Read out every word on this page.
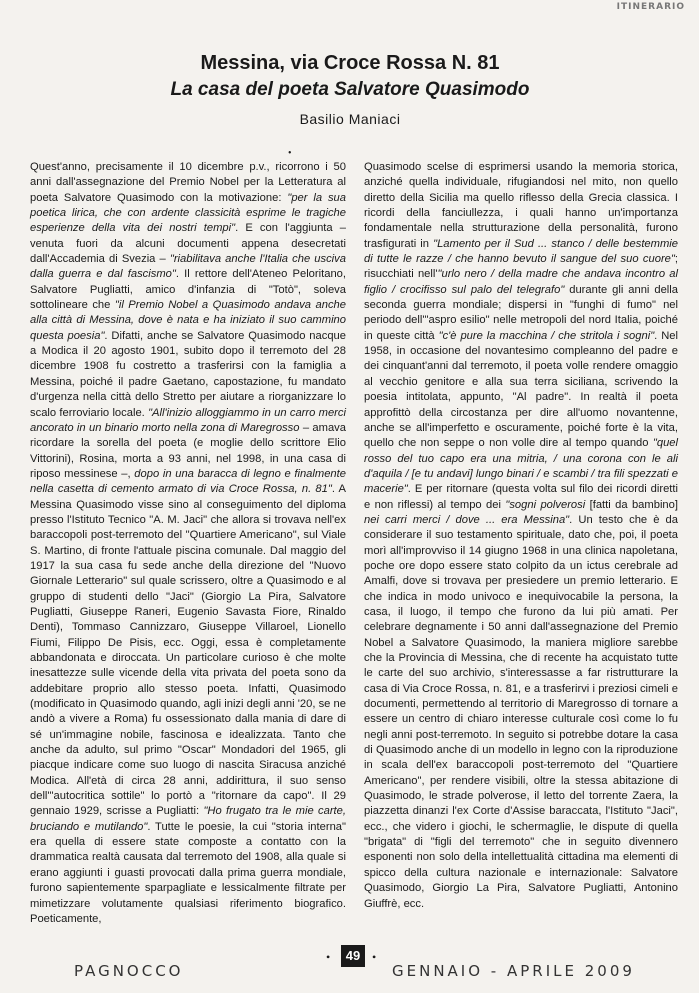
ITINERARIO
Messina, via Croce Rossa N. 81
La casa del poeta Salvatore Quasimodo
Basilio Maniaci
•

Quest'anno, precisamente il 10 dicembre p.v., ricorrono i 50 anni dall'assegnazione del Premio Nobel per la Letteratura al poeta Salvatore Quasimodo con la motivazione: "per la sua poetica lirica, che con ardente classicità esprime le tragiche esperienze della vita dei nostri tempi". E con l'aggiunta – venuta fuori da alcuni documenti appena desecretati dall'Accademia di Svezia – "riabilitava anche l'Italia che usciva dalla guerra e dal fascismo". Il rettore dell'Ateneo Peloritano, Salvatore Pugliatti, amico d'infanzia di "Totò", soleva sottolineare che "il Premio Nobel a Quasimodo andava anche alla città di Messina, dove è nata e ha iniziato il suo cammino questa poesia". Difatti, anche se Salvatore Quasimodo nacque a Modica il 20 agosto 1901, subito dopo il terremoto del 28 dicembre 1908 fu costretto a trasferirsi con la famiglia a Messina, poiché il padre Gaetano, capostazione, fu mandato d'urgenza nella città dello Stretto per aiutare a riorganizzare lo scalo ferroviario locale. "All'inizio alloggiammo in un carro merci ancorato in un binario morto nella zona di Maregrosso – amava ricordare la sorella del poeta (e moglie dello scrittore Elio Vittorini), Rosina, morta a 93 anni, nel 1998, in una casa di riposo messinese –, dopo in una baracca di legno e finalmente nella casetta di cemento armato di via Croce Rossa, n. 81". A Messina Quasimodo visse sino al conseguimento del diploma presso l'Istituto Tecnico "A. M. Jaci" che allora si trovava nell'ex baraccopoli post-terremoto del "Quartiere Americano", sul Viale S. Martino, di fronte l'attuale piscina comunale. Dal maggio del 1917 la sua casa fu sede anche della direzione del "Nuovo Giornale Letterario" sul quale scrissero, oltre a Quasimodo e al gruppo di studenti dello "Jaci" (Giorgio La Pira, Salvatore Pugliatti, Giuseppe Raneri, Eugenio Savasta Fiore, Rinaldo Denti), Tommaso Cannizzaro, Giuseppe Villaroel, Lionello Fiumi, Filippo De Pisis, ecc. Oggi, essa è completamente abbandonata e diroccata. Un particolare curioso è che molte inesattezze sulle vicende della vita privata del poeta sono da addebitare proprio allo stesso poeta. Infatti, Quasimodo (modificato in Quasimodo quando, agli inizi degli anni '20, se ne andò a vivere a Roma) fu ossessionato dalla mania di dare di sé un'immagine nobile, fascinosa e idealizzata. Tanto che anche da adulto, sul primo "Oscar" Mondadori del 1965, gli piacque indicare come suo luogo di nascita Siracusa anziché Modica. All'età di circa 28 anni, addirittura, il suo senso dell'"autocritica sottile" lo portò a "ritornare da capo". Il 29 gennaio 1929, scrisse a Pugliatti: "Ho frugato tra le mie carte, bruciando e mutilando". Tutte le poesie, la cui "storia interna" era quella di essere state composte a contatto con la drammatica realtà causata dal terremoto del 1908, alla quale si erano aggiunti i guasti provocati dalla prima guerra mondiale, furono sapientemente sparpagliate e lessicalmente filtrate per mimetizzare volutamente qualsiasi riferimento biografico. Poeticamente,

Quasimodo scelse di esprimersi usando la memoria storica, anziché quella individuale, rifugiandosi nel mito, non quello diretto della Sicilia ma quello riflesso della Grecia classica. I ricordi della fanciullezza, i quali hanno un'importanza fondamentale nella strutturazione della personalità, furono trasfigurati in "Lamento per il Sud ... stanco / delle bestemmie di tutte le razze / che hanno bevuto il sangue del suo cuore"; risucchiati nell'"urlo nero / della madre che andava incontro al figlio / crocifisso sul palo del telegrafo" durante gli anni della seconda guerra mondiale; dispersi in "funghi di fumo" nel periodo dell'"aspro esilio" nelle metropoli del nord Italia, poiché in queste città "c'è pure la macchina / che stritola i sogni". Nel 1958, in occasione del novantesimo compleanno del padre e dei cinquant'anni dal terremoto, il poeta volle rendere omaggio al vecchio genitore e alla sua terra siciliana, scrivendo la poesia intitolata, appunto, "Al padre". In realtà il poeta approfittò della circostanza per dire all'uomo novantenne, anche se all'imperfetto e oscuramente, poiché forte è la vita, quello che non seppe o non volle dire al tempo quando "quel rosso del tuo capo era una mitria, / una corona con le ali d'aquila / [e tu andavi] lungo binari / e scambi / tra fili spezzati e macerie". E per ritornare (questa volta sul filo dei ricordi diretti e non riflessi) al tempo dei "sogni polverosi [fatti da bambino] nei carri merci / dove ... era Messina". Un testo che è da considerare il suo testamento spirituale, dato che, poi, il poeta morì all'improvviso il 14 giugno 1968 in una clinica napoletana, poche ore dopo essere stato colpito da un ictus cerebrale ad Amalfi, dove si trovava per presiedere un premio letterario. E che indica in modo univoco e inequivocabile la persona, la casa, il luogo, il tempo che furono da lui più amati. Per celebrare degnamente i 50 anni dall'assegnazione del Premio Nobel a Salvatore Quasimodo, la maniera migliore sarebbe che la Provincia di Messina, che di recente ha acquistato tutte le carte del suo archivio, s'interessasse a far ristrutturare la casa di Via Croce Rossa, n. 81, e a trasferirvi i preziosi cimeli e documenti, permettendo al territorio di Maregrosso di tornare a essere un centro di chiaro interesse culturale così come lo fu negli anni post-terremoto. In seguito si potrebbe dotare la casa di Quasimodo anche di un modello in legno con la riproduzione in scala dell'ex baraccopoli post-terremoto del "Quartiere Americano", per rendere visibili, oltre la stessa abitazione di Quasimodo, le strade polverose, il letto del torrente Zaera, la piazzetta dinanzi l'ex Corte d'Assise baraccata, l'Istituto "Jaci", ecc., che videro i giochi, le schermaglie, le dispute di quella "brigata" di "figli del terremoto" che in seguito divennero esponenti non solo della intellettualità cittadina ma elementi di spicco della cultura nazionale e internazionale: Salvatore Quasimodo, Giorgio La Pira, Salvatore Pugliatti, Antonino Giuffrè, ecc.

•	49 •
PAGNOCCO	GENNAIO - APRILE 2009
